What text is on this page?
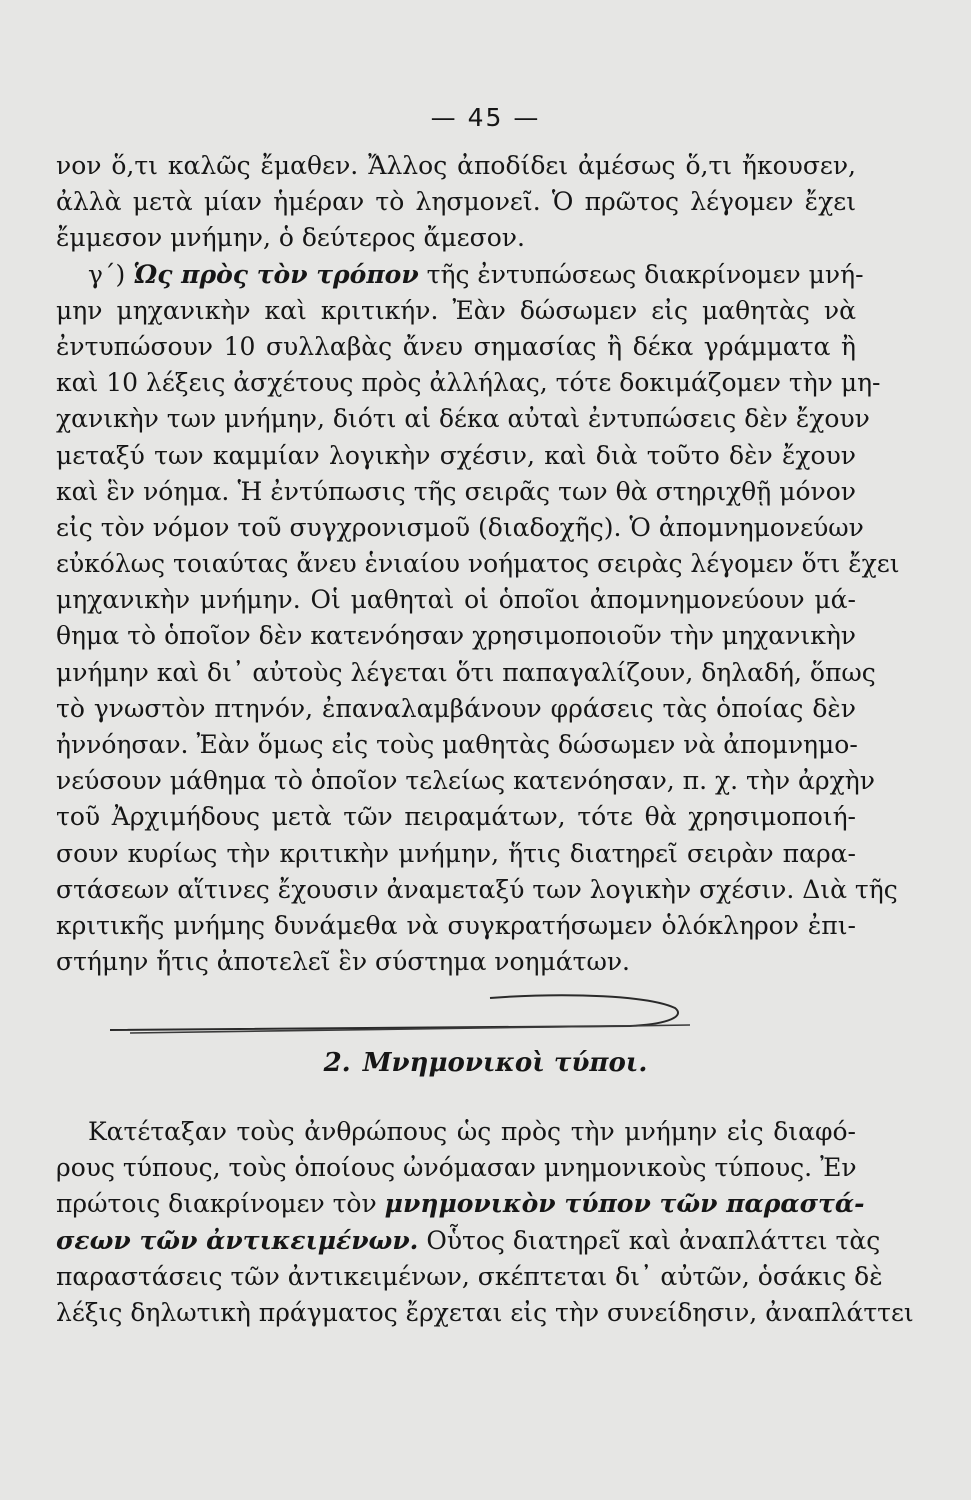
— 45 —
νον ὅ,τι καλῶς ἔμαθεν. Ἄλλος ἀποδίδει ἀμέσως ὅ,τι ἤκουσεν,
ἀλλὰ μετὰ μίαν ἡμέραν τὸ λησμονεῖ. Ὁ πρῶτος λέγομεν ἔχει
ἔμμεσον μνήμην, ὁ δεύτερος ἄμεσον.
γ΄) Ὡς πρὸς τὸν τρόπον τῆς ἐντυπώσεως διακρίνομεν μνή-
μην μηχανικὴν καὶ κριτικήν. Ἐὰν δώσωμεν εἰς μαθητὰς νὰ
ἐντυπώσουν 10 συλλαβὰς ἄνευ σημασίας ἢ δέκα γράμματα ἢ
καὶ 10 λέξεις ἀσχέτους πρὸς ἀλλήλας, τότε δοκιμάζομεν τὴν μη-
χανικὴν των μνήμην, διότι αἱ δέκα αὐταὶ ἐντυπώσεις δὲν ἔχουν
μεταξύ των καμμίαν λογικὴν σχέσιν, καὶ διὰ τοῦτο δὲν ἔχουν
καὶ ἓν νόημα. Ἡ ἐντύπωσις τῆς σειρᾶς των θὰ στηριχθῇ μόνον
εἰς τὸν νόμον τοῦ συγχρονισμοῦ (διαδοχῆς). Ὁ ἀπομνημονεύων
εὐκόλως τοιαύτας ἄνευ ἑνιαίου νοήματος σειρὰς λέγομεν ὅτι ἔχει
μηχανικὴν μνήμην. Οἱ μαθηταὶ οἱ ὁποῖοι ἀπομνημονεύουν μά-
θημα τὸ ὁποῖον δὲν κατενόησαν χρησιμοποιοῦν τὴν μηχανικὴν
μνήμην καὶ δι᾽ αὐτοὺς λέγεται ὅτι παπαγαλίζουν, δηλαδή, ὅπως
τὸ γνωστὸν πτηνόν, ἐπαναλαμβάνουν φράσεις τὰς ὁποίας δὲν
ἠννόησαν. Ἐὰν ὅμως εἰς τοὺς μαθητὰς δώσωμεν νὰ ἀπομνημο-
νεύσουν μάθημα τὸ ὁποῖον τελείως κατενόησαν, π. χ. τὴν ἀρχὴν
τοῦ Ἀρχιμήδους μετὰ τῶν πειραμάτων, τότε θὰ χρησιμοποιή-
σουν κυρίως τὴν κριτικὴν μνήμην, ἥτις διατηρεῖ σειρὰν παρα-
στάσεων αἵτινες ἔχουσιν ἀναμεταξύ των λογικὴν σχέσιν. Διὰ τῆς
κριτικῆς μνήμης δυνάμεθα νὰ συγκρατήσωμεν ὁλόκληρον ἐπι-
στήμην ἥτις ἀποτελεῖ ἓν σύστημα νοημάτων.
2. Μνημονικοὶ τύποι.
Κατέταξαν τοὺς ἀνθρώπους ὡς πρὸς τὴν μνήμην εἰς διαφό-
ρους τύπους, τοὺς ὁποίους ὠνόμασαν μνημονικοὺς τύπους. Ἐν
πρώτοις διακρίνομεν τὸν μνημονικὸν τύπον τῶν παραστά-
σεων τῶν ἀντικειμένων. Οὗτος διατηρεῖ καὶ ἀναπλάττει τὰς
παραστάσεις τῶν ἀντικειμένων, σκέπτεται δι᾽ αὐτῶν, ὁσάκις δὲ
λέξις δηλωτικὴ πράγματος ἔρχεται εἰς τὴν συνείδησιν, ἀναπλάττει
